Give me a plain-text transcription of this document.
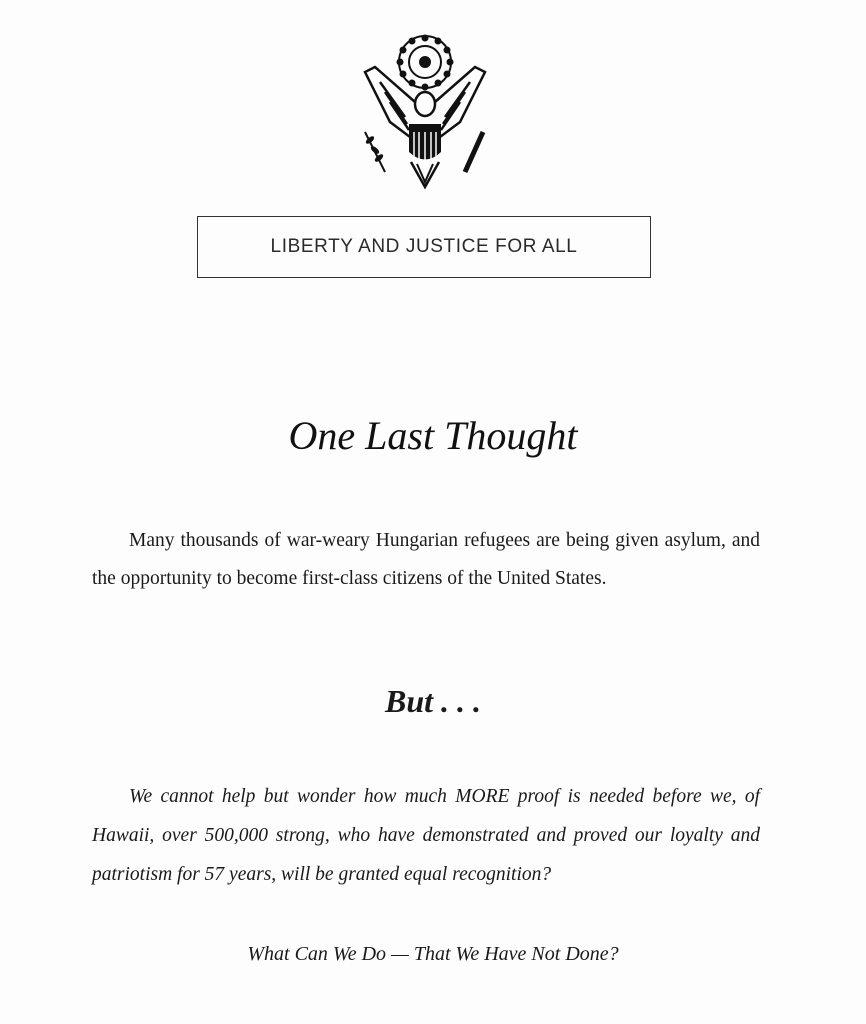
LIBERTY AND JUSTICE FOR ALL
One Last Thought

Many thousands of war-weary Hungarian refugees are being given asylum, and the opportunity to become first-class citizens of the United States.

But . . .

We cannot help but wonder how much MORE proof is needed before we, of Hawaii, over 500,000 strong, who have demonstrated and proved our loyalty and patriotism for 57 years, will be granted equal recognition?

What Can We Do — That We Have Not Done?
